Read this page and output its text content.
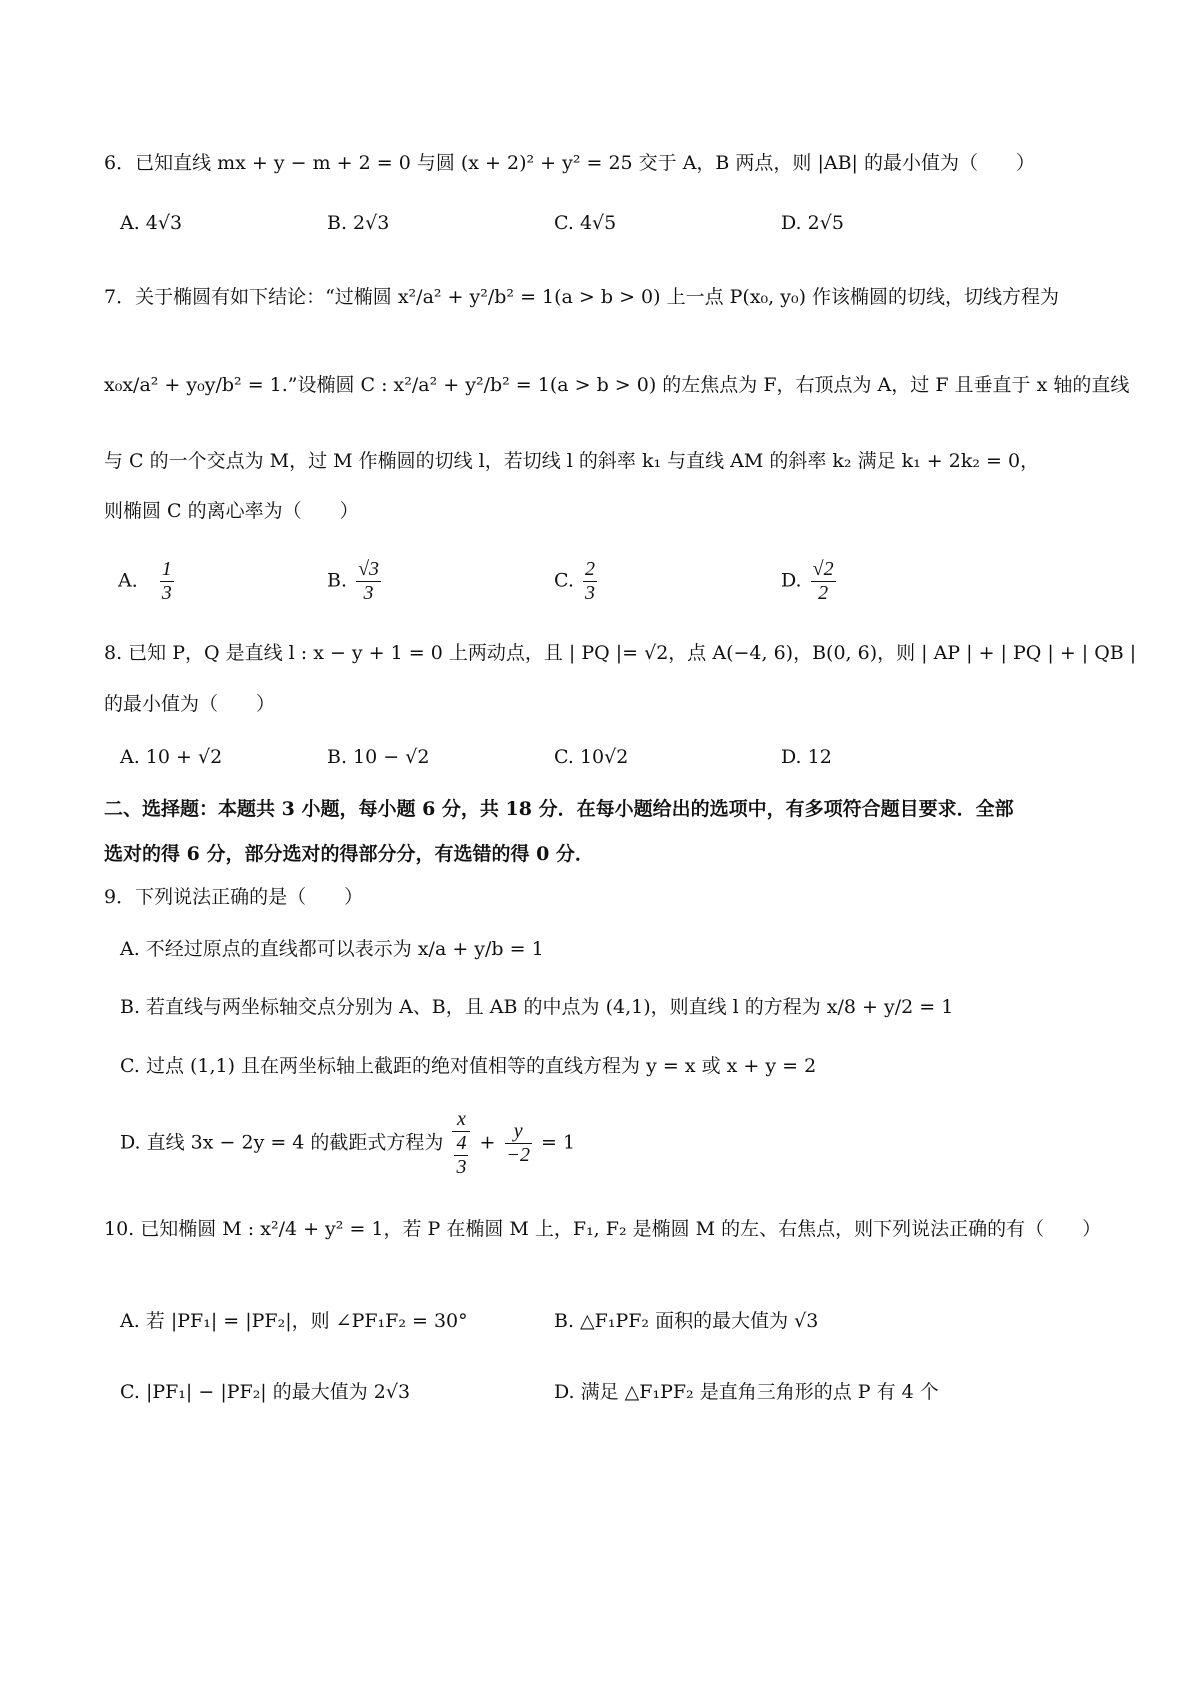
6．已知直线 mx + y − m + 2 = 0 与圆 (x + 2)² + y² = 25 交于 A，B 两点，则 |AB| 的最小值为（　　）
A. 4√3	B. 2√3	C. 4√5	D. 2√5
7．关于椭圆有如下结论：“过椭圆 x²/a² + y²/b² = 1(a > b > 0) 上一点 P(x₀, y₀) 作该椭圆的切线，切线方程为
x₀x/a² + y₀y/b² = 1.”设椭圆 C : x²/a² + y²/b² = 1(a > b > 0) 的左焦点为 F，右顶点为 A，过 F 且垂直于 x 轴的直线
与 C 的一个交点为 M，过 M 作椭圆的切线 l，若切线 l 的斜率 k₁ 与直线 AM 的斜率 k₂ 满足 k₁ + 2k₂ = 0，
则椭圆 C 的离心率为（　　）
A． $\frac{1}{3}$	B. $\frac{√3}{3}$	C. $\frac{2}{3}$	D. $\frac{√2}{2}$
8. 已知 P，Q 是直线 l : x − y + 1 = 0 上两动点，且 | PQ |= √2，点 A(−4, 6)，B(0, 6)，则 | AP | + | PQ | + | QB |
的最小值为（　　）
A. 10 + √2	B. 10 − √2	C. 10√2	D. 12
二、选择题：本题共 3 小题，每小题 6 分，共 18 分．在每小题给出的选项中，有多项符合题目要求．全部
选对的得 6 分，部分选对的得部分分，有选错的得 0 分．
9．下列说法正确的是（　　）
A. 不经过原点的直线都可以表示为 x/a + y/b = 1
B. 若直线与两坐标轴交点分别为 A、B，且 AB 的中点为 (4,1)，则直线 l 的方程为 x/8 + y/2 = 1
C. 过点 (1,1) 且在两坐标轴上截距的绝对值相等的直线方程为 y = x 或 x + y = 2
D. 直线 3x − 2y = 4 的截距式方程为 $\frac{x}{\frac{4}{3}} + \frac{y}{-2} = 1$
10. 已知椭圆 M : x²/4 + y² = 1，若 P 在椭圆 M 上，F₁, F₂ 是椭圆 M 的左、右焦点，则下列说法正确的有（　　）
A. 若 |PF₁| = |PF₂|，则 ∠PF₁F₂ = 30°	B. △F₁PF₂ 面积的最大值为 √3
C. |PF₁| − |PF₂| 的最大值为 2√3	D. 满足 △F₁PF₂ 是直角三角形的点 P 有 4 个
